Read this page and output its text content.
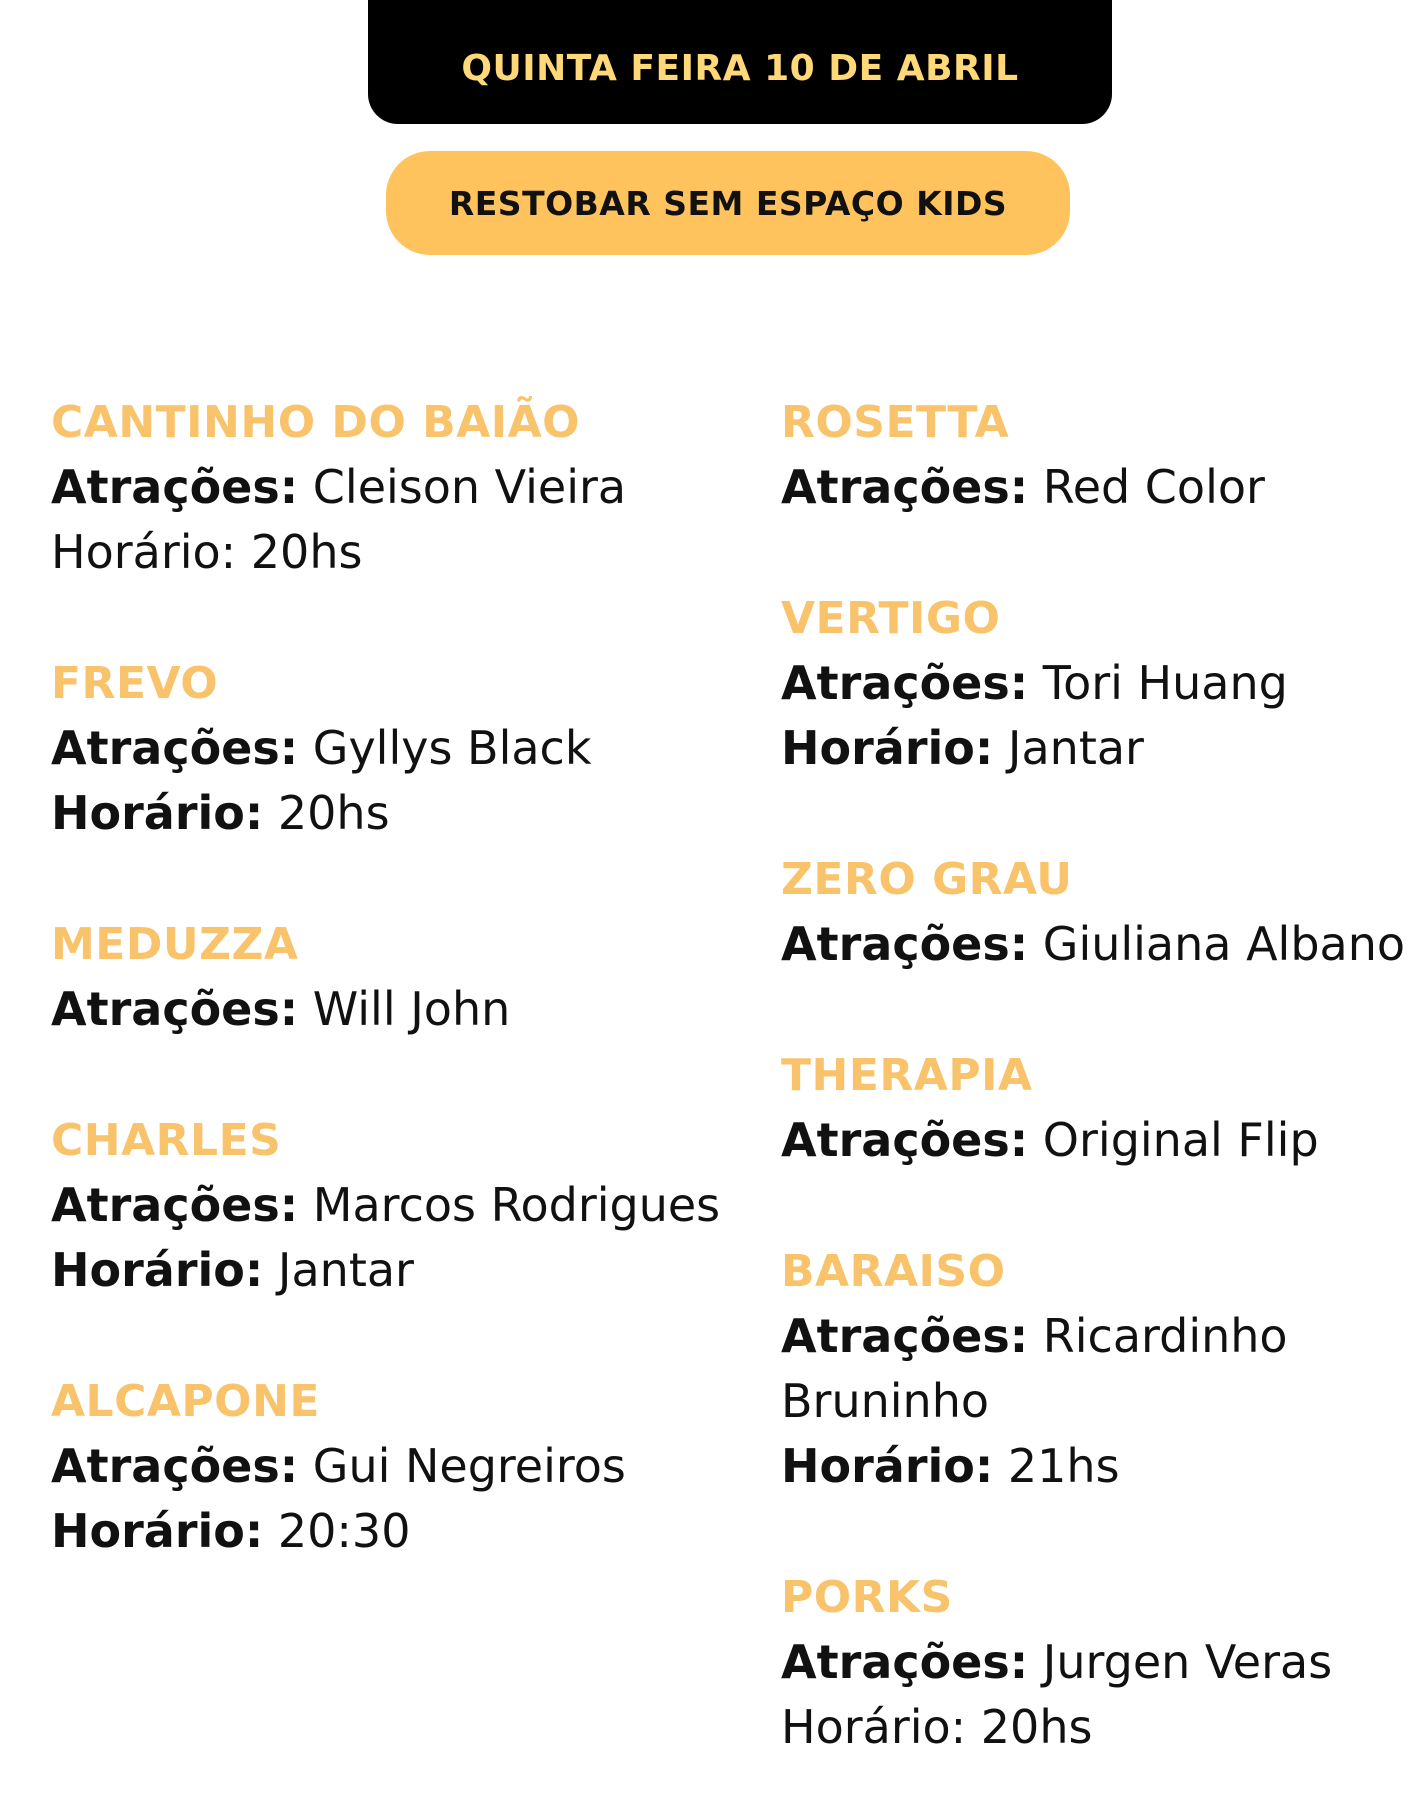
QUINTA FEIRA 10 DE ABRIL
RESTOBAR SEM ESPAÇO KIDS
CANTINHO DO BAIÃO
Atrações: Cleison Vieira
Horário: 20hs
FREVO
Atrações: Gyllys Black
Horário: 20hs
MEDUZZA
Atrações: Will John
CHARLES
Atrações: Marcos Rodrigues
Horário: Jantar
ALCAPONE
Atrações: Gui Negreiros
Horário: 20:30
ROSETTA
Atrações: Red Color
VERTIGO
Atrações: Tori Huang
Horário: Jantar
ZERO GRAU
Atrações: Giuliana Albano
THERAPIA
Atrações: Original Flip
BARAISO
Atrações: Ricardinho
Bruninho
Horário: 21hs
PORKS
Atrações: Jurgen Veras
Horário: 20hs
